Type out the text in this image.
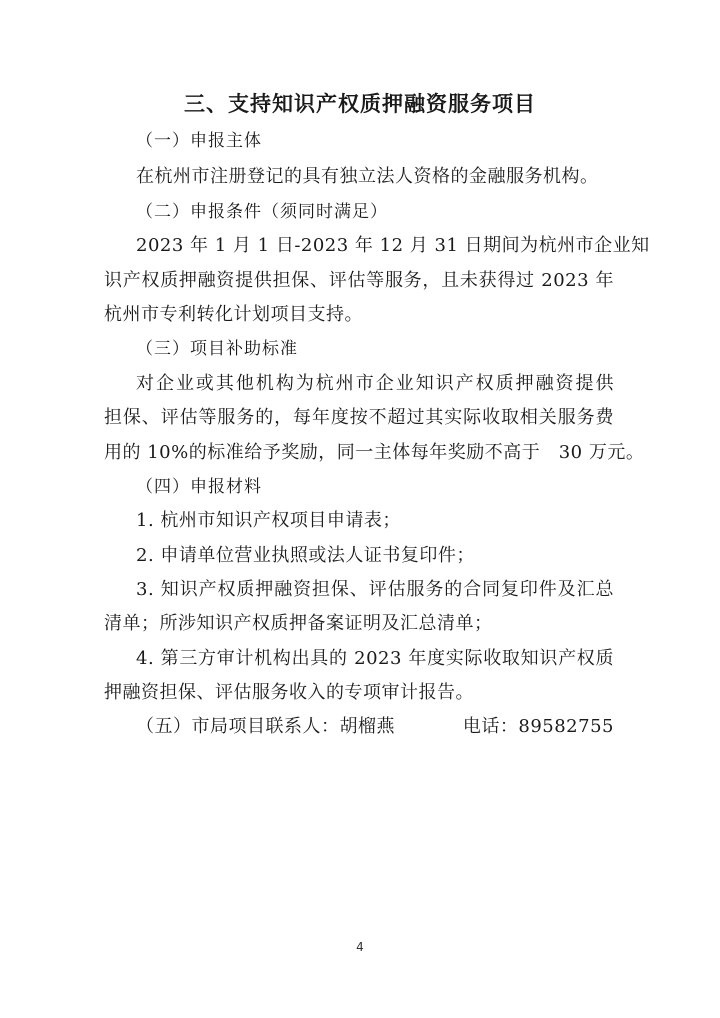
三、支持知识产权质押融资服务项目
（一）申报主体
在杭州市注册登记的具有独立法人资格的金融服务机构。
（二）申报条件（须同时满足）
2023 年 1 月 1 日-2023 年 12 月 31 日期间为杭州市企业知
识产权质押融资提供担保、评估等服务，且未获得过 2023 年
杭州市专利转化计划项目支持。
（三）项目补助标准
对企业或其他机构为杭州市企业知识产权质押融资提供
担保、评估等服务的，每年度按不超过其实际收取相关服务费
用的 10%的标准给予奖励，同一主体每年奖励不高于　30 万元。
（四）申报材料
1. 杭州市知识产权项目申请表；
2. 申请单位营业执照或法人证书复印件；
3. 知识产权质押融资担保、评估服务的合同复印件及汇总
清单；所涉知识产权质押备案证明及汇总清单；
4. 第三方审计机构出具的 2023 年度实际收取知识产权质
押融资担保、评估服务收入的专项审计报告。
（五）市局项目联系人：胡榴燕	电话：89582755
4
